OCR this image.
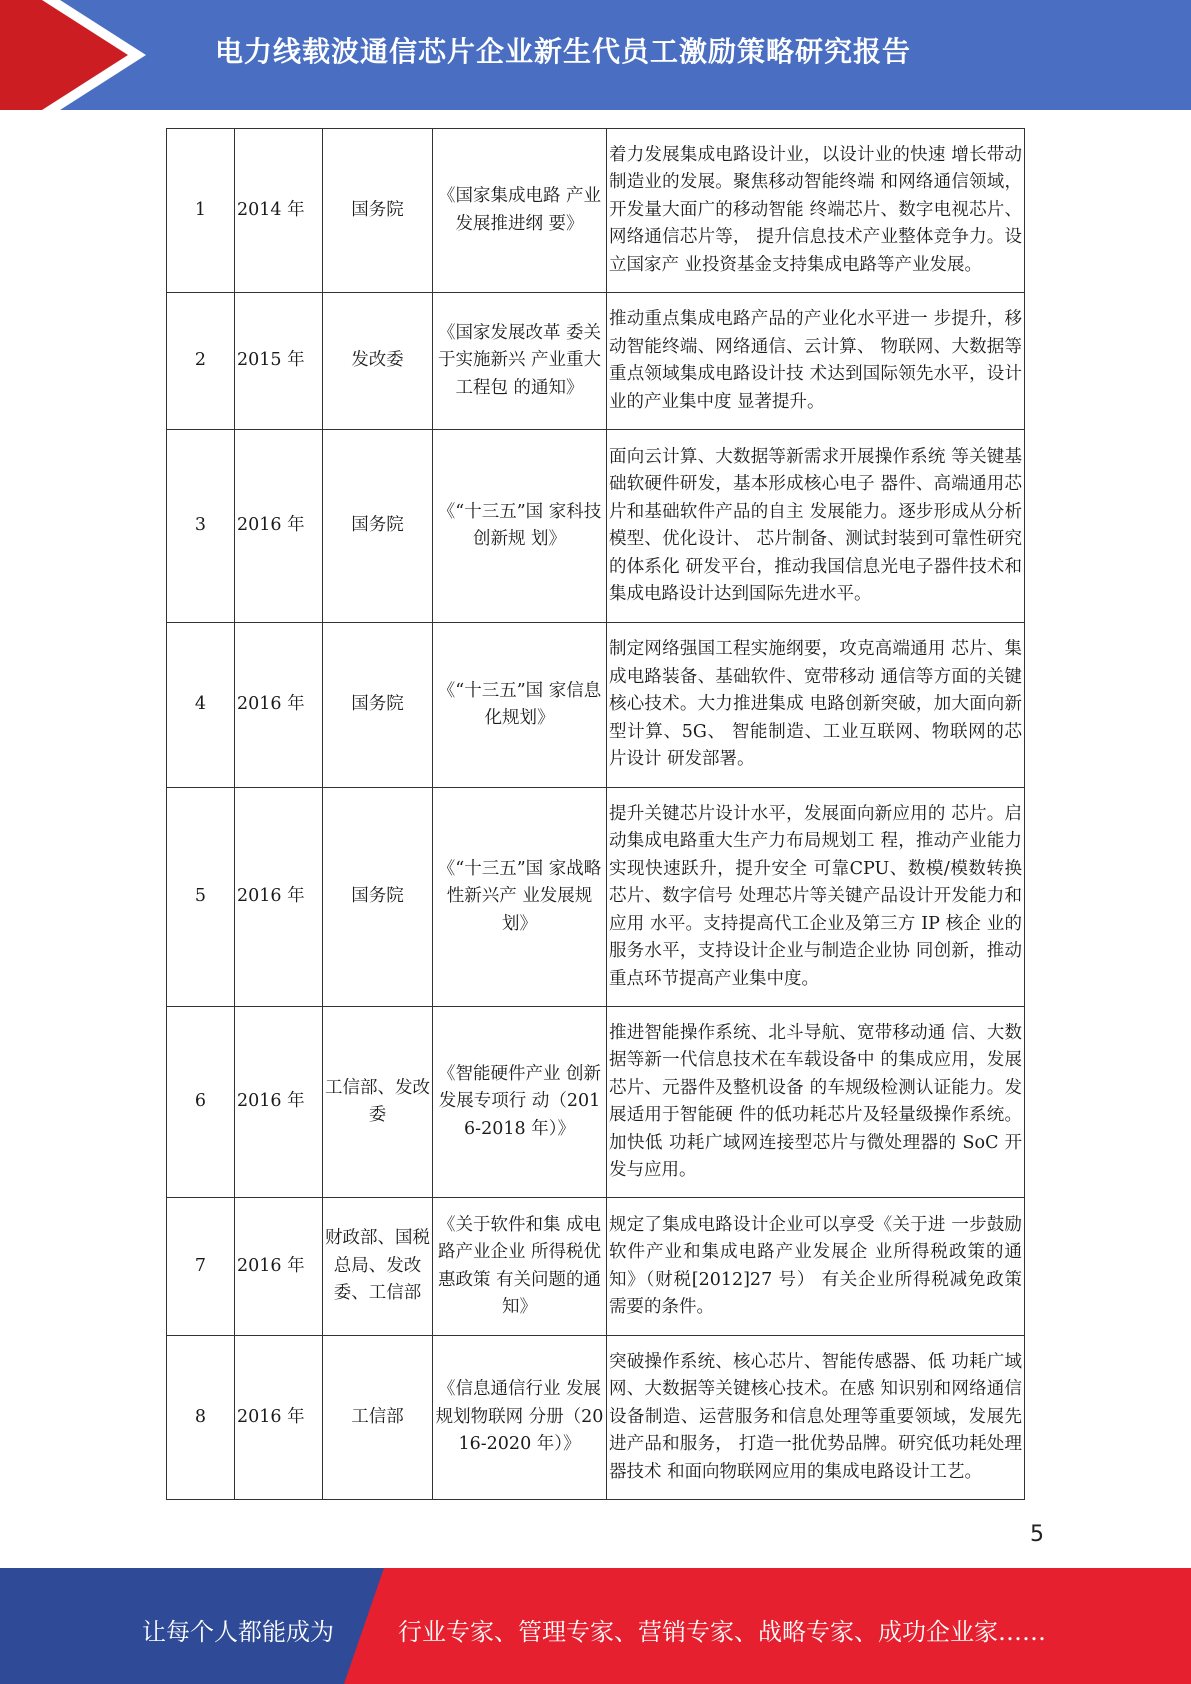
电力线载波通信芯片企业新生代员工激励策略研究报告
1	2014 年	国务院	《国家集成电路 产业发展推进纲 要》	着力发展集成电路设计业，以设计业的快速 增长带动制造业的发展。聚焦移动智能终端 和网络通信领域，开发量大面广的移动智能 终端芯片、数字电视芯片、网络通信芯片等， 提升信息技术产业整体竞争力。设立国家产 业投资基金支持集成电路等产业发展。
2	2015 年	发改委	《国家发展改革 委关于实施新兴 产业重大工程包 的通知》	推动重点集成电路产品的产业化水平进一 步提升，移动智能终端、网络通信、云计算、 物联网、大数据等重点领域集成电路设计技 术达到国际领先水平，设计业的产业集中度 显著提升。
3	2016 年	国务院	《“十三五”国 家科技创新规 划》	面向云计算、大数据等新需求开展操作系统 等关键基础软硬件研发，基本形成核心电子 器件、高端通用芯片和基础软件产品的自主 发展能力。逐步形成从分析模型、优化设计、 芯片制备、测试封装到可靠性研究的体系化 研发平台，推动我国信息光电子器件技术和 集成电路设计达到国际先进水平。
4	2016 年	国务院	《“十三五”国 家信息化规划》	制定网络强国工程实施纲要，攻克高端通用 芯片、集成电路装备、基础软件、宽带移动 通信等方面的关键核心技术。大力推进集成 电路创新突破，加大面向新型计算、5G、 智能制造、工业互联网、物联网的芯片设计 研发部署。
5	2016 年	国务院	《“十三五”国 家战略性新兴产 业发展规划》	提升关键芯片设计水平，发展面向新应用的 芯片。启动集成电路重大生产力布局规划工 程，推动产业能力实现快速跃升，提升安全 可靠CPU、数模/模数转换芯片、数字信号 处理芯片等关键产品设计开发能力和应用 水平。支持提高代工企业及第三方 IP 核企 业的服务水平，支持设计企业与制造企业协 同创新，推动重点环节提高产业集中度。
6	2016 年	工信部、发改委	《智能硬件产业 创新发展专项行 动（2016-2018 年）》	推进智能操作系统、北斗导航、宽带移动通 信、大数据等新一代信息技术在车载设备中 的集成应用，发展芯片、元器件及整机设备 的车规级检测认证能力。发展适用于智能硬 件的低功耗芯片及轻量级操作系统。加快低 功耗广域网连接型芯片与微处理器的 SoC 开发与应用。
7	2016 年	财政部、国税总局、发改委、工信部	《关于软件和集 成电路产业企业 所得税优惠政策 有关问题的通 知》	规定了集成电路设计企业可以享受《关于进 一步鼓励软件产业和集成电路产业发展企 业所得税政策的通知》（财税[2012]27 号） 有关企业所得税减免政策需要的条件。
8	2016 年	工信部	《信息通信行业 发展规划物联网 分册（2016-2020 年）》	突破操作系统、核心芯片、智能传感器、低 功耗广域网、大数据等关键核心技术。在感 知识别和网络通信设备制造、运营服务和信息处理等重要领域，发展先进产品和服务， 打造一批优势品牌。研究低功耗处理器技术 和面向物联网应用的集成电路设计工艺。
5
让每个人都能成为	行业专家、管理专家、营销专家、战略专家、成功企业家……
